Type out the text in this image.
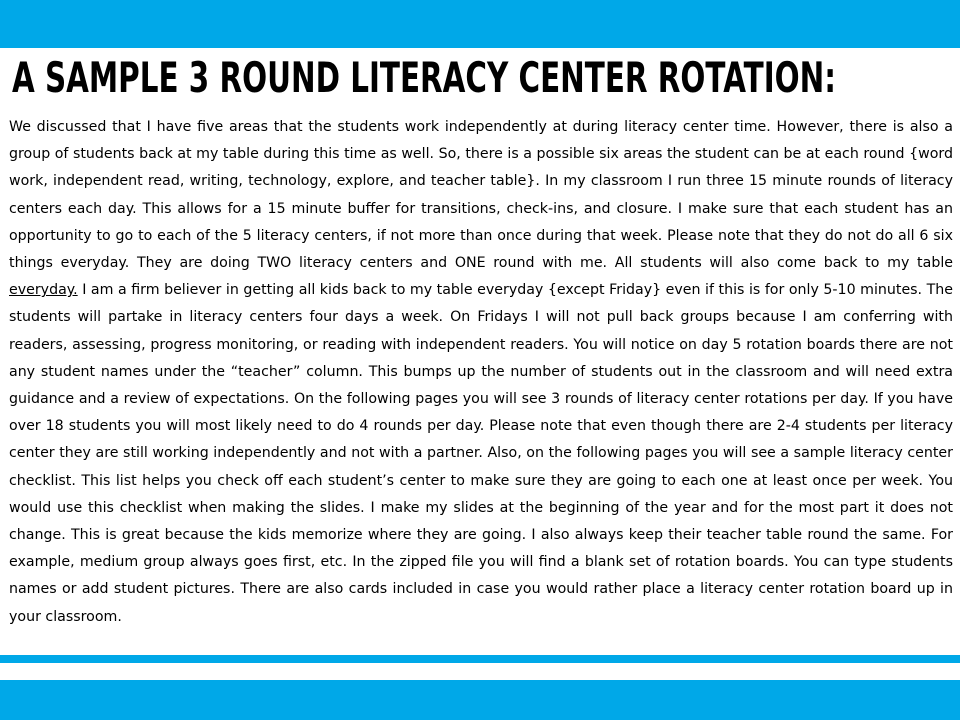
A SAMPLE 3 ROUND LITERACY CENTER ROTATION:

We discussed that I have five areas that the students work independently at during literacy center time. However, there is also a group of students back at my table during this time as well. So, there is a possible six areas the student can be at each round {word work, independent read, writing, technology, explore, and teacher table}. In my classroom I run three 15 minute rounds of literacy centers each day. This allows for a 15 minute buffer for transitions, check-ins, and closure. I make sure that each student has an opportunity to go to each of the 5 literacy centers, if not more than once during that week. Please note that they do not do all 6 six things everyday. They are doing TWO literacy centers and ONE round with me. All students will also come back to my table everyday. I am a firm believer in getting all kids back to my table everyday {except Friday} even if this is for only 5-10 minutes. The students will partake in literacy centers four days a week. On Fridays I will not pull back groups because I am conferring with readers, assessing, progress monitoring, or reading with independent readers. You will notice on day 5 rotation boards there are not any student names under the “teacher” column. This bumps up the number of students out in the classroom and will need extra guidance and a review of expectations. On the following pages you will see 3 rounds of literacy center rotations per day. If you have over 18 students you will most likely need to do 4 rounds per day. Please note that even though there are 2-4 students per literacy center they are still working independently and not with a partner. Also, on the following pages you will see a sample literacy center checklist. This list helps you check off each student’s center to make sure they are going to each one at least once per week. You would use this checklist when making the slides. I make my slides at the beginning of the year and for the most part it does not change. This is great because the kids memorize where they are going. I also always keep their teacher table round the same. For example, medium group always goes first, etc. In the zipped file you will find a blank set of rotation boards. You can type students names or add student pictures. There are also cards included in case you would rather place a literacy center rotation board up in your classroom.
